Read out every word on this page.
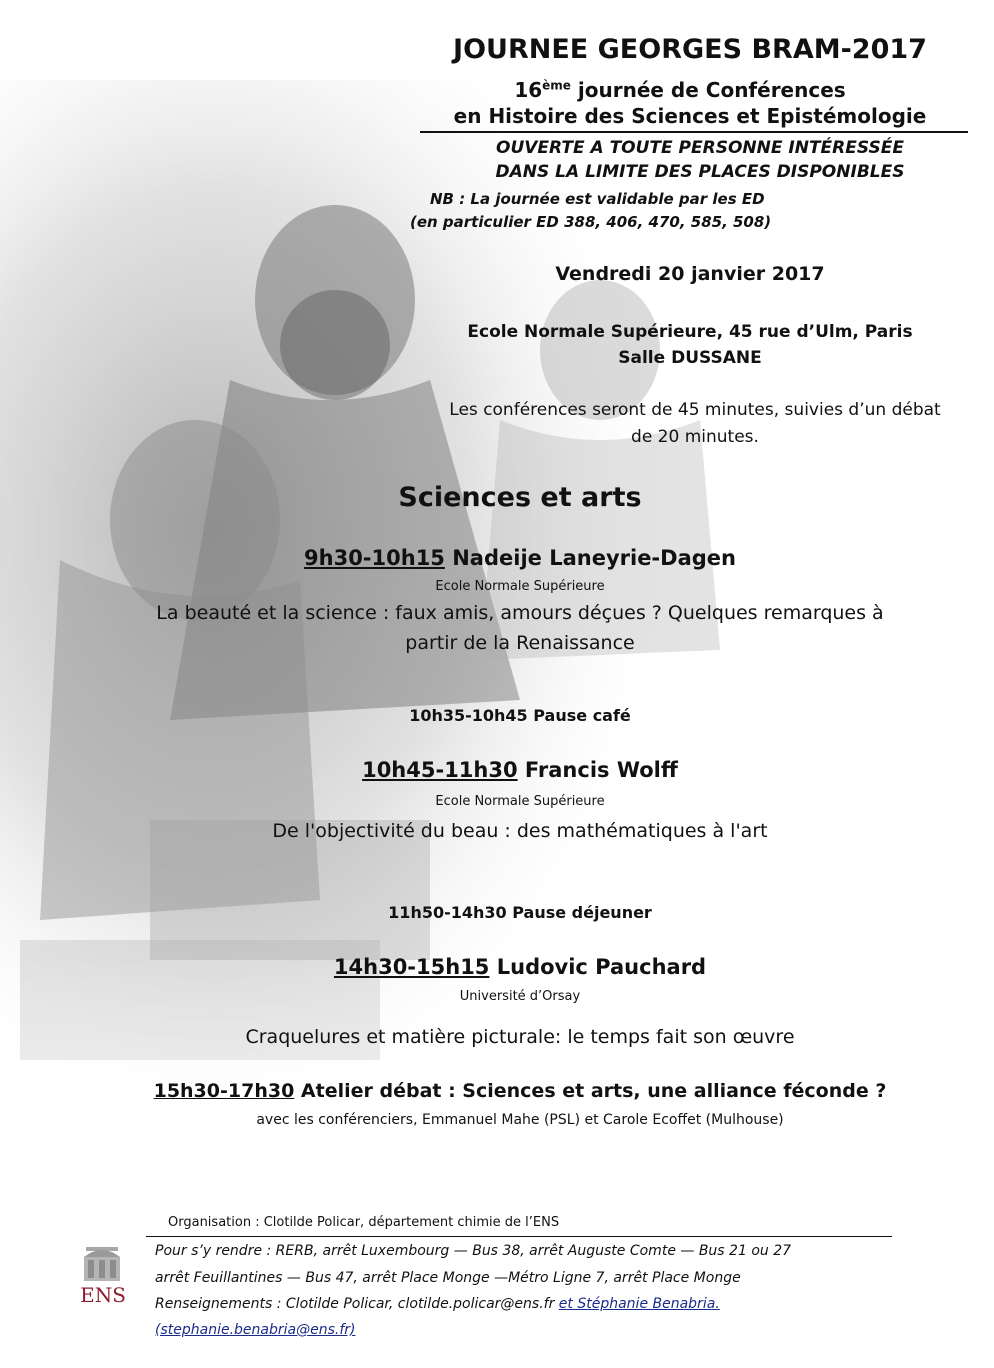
JOURNEE GEORGES BRAM-2017
16ème journée de Conférences
en Histoire des Sciences et Epistémologie
OUVERTE A TOUTE PERSONNE INTÉRESSÉE
DANS LA LIMITE DES PLACES DISPONIBLES
NB : La journée est validable par les ED
(en particulier ED 388, 406, 470, 585, 508)
Vendredi 20 janvier 2017
Ecole Normale Supérieure, 45 rue d’Ulm, Paris
Salle DUSSANE
Les conférences seront de 45 minutes, suivies d’un débat
de 20 minutes.
Sciences et arts
9h30-10h15 Nadeije Laneyrie-Dagen
Ecole Normale Supérieure
La beauté et la science : faux amis, amours déçues ? Quelques remarques à
partir de la Renaissance
10h35-10h45 Pause café
10h45-11h30 Francis Wolff
Ecole Normale Supérieure
De l'objectivité du beau : des mathématiques à l'art
11h50-14h30 Pause déjeuner
14h30-15h15 Ludovic Pauchard
Université d’Orsay
Craquelures et matière picturale: le temps fait son œuvre
15h30-17h30 Atelier débat : Sciences et arts, une alliance féconde ?
avec les conférenciers, Emmanuel Mahe (PSL) et Carole Ecoffet (Mulhouse)
Organisation : Clotilde Policar, département chimie de l’ENS
ENS
Pour s’y rendre : RERB, arrêt Luxembourg — Bus 38, arrêt Auguste Comte — Bus 21 ou 27
arrêt Feuillantines — Bus 47, arrêt Place Monge —Métro Ligne 7, arrêt Place Monge
Renseignements : Clotilde Policar, clotilde.policar@ens.fr et Stéphanie Benabria.
(stephanie.benabria@ens.fr)
